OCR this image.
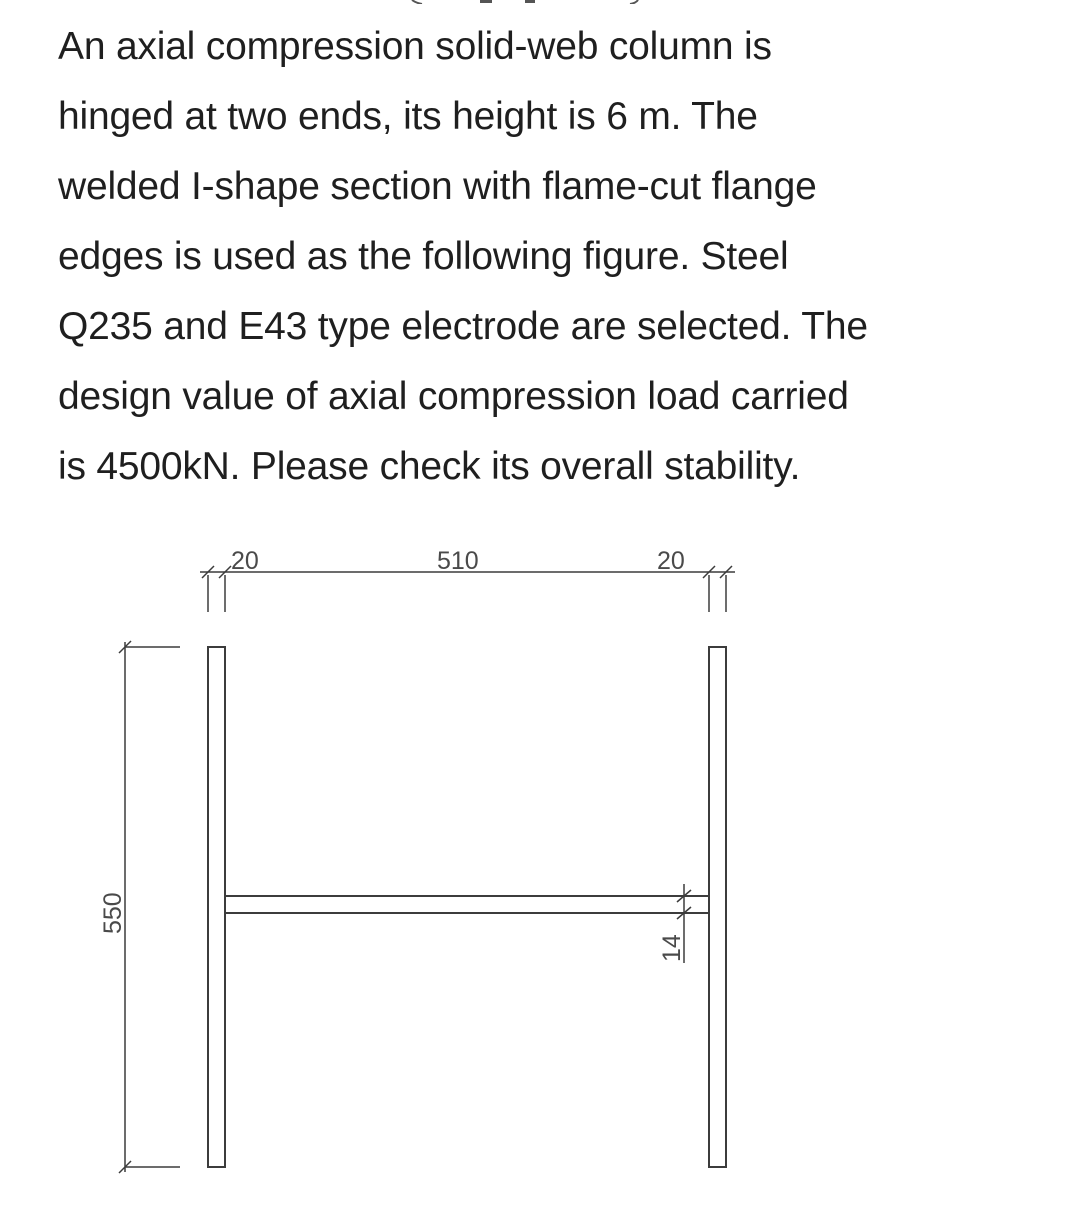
An axial compression solid-web column is
hinged at two ends, its height is 6 m. The
welded I-shape section with flame-cut flange
edges is used as the following figure. Steel
Q235 and E43 type electrode are selected. The
design value of axial compression load carried
is 4500kN. Please check its overall stability.
20	510	20
550
14
